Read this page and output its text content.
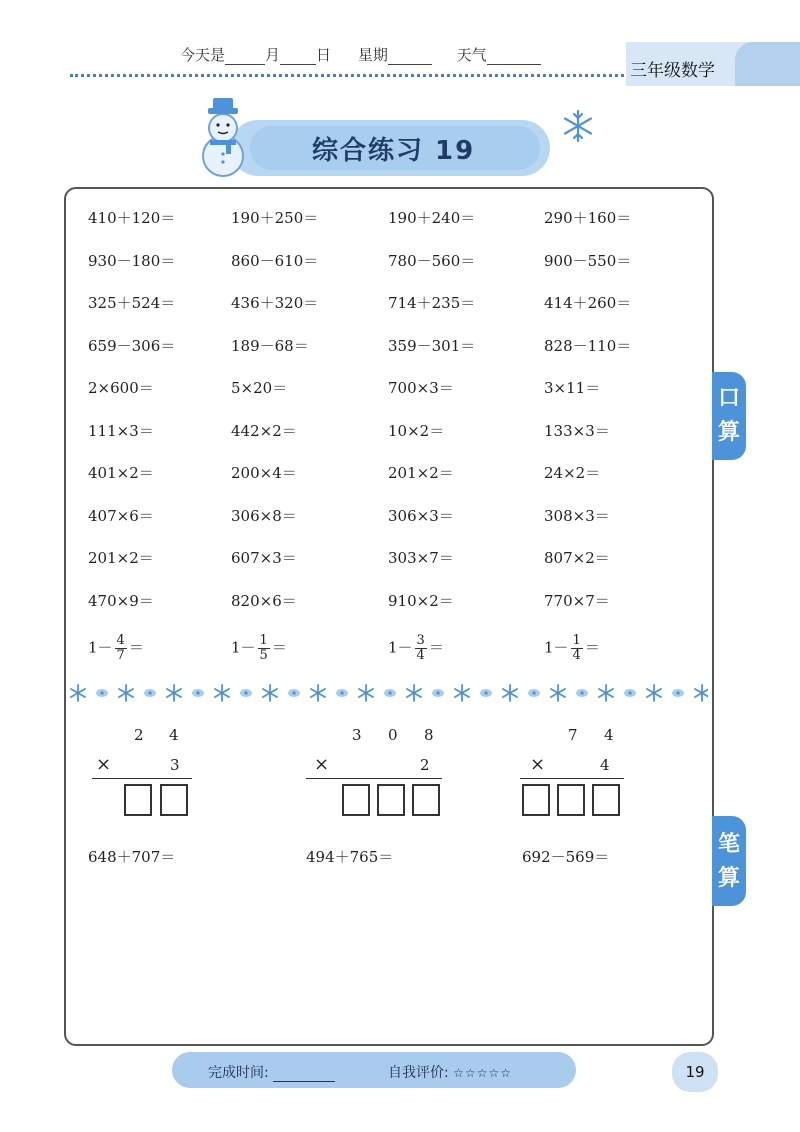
今天是	月 日 星期	天气
三年级数学
综合练习 19
口
算
笔
算
410＋120＝	190＋250＝	190＋240＝	290＋160＝
930－180＝	860－610＝	780－560＝	900－550＝
325＋524＝	436＋320＝	714＋235＝	414＋260＝
659－306＝	189－68＝	359－301＝	828－110＝
2×600＝	5×20＝	700×3＝	3×11＝
111×3＝	442×2＝	10×2＝	133×3＝
401×2＝	200×4＝	201×2＝	24×2＝
407×6＝	306×8＝	306×3＝	308×3＝
201×2＝	607×3＝	303×7＝	807×2＝
470×9＝	820×6＝	910×2＝	770×7＝
$1- \frac{4}{7}$ ＝	$1- \frac{1}{5}$ ＝	$1- \frac{3}{4}$ ＝	$1- \frac{1}{4}$ ＝
2 4
×	3
3 0 8
×	2
7 4
×	4
648＋707＝	494＋765＝	692－569＝
完成时间:	自我评价: ☆☆☆☆☆	19
